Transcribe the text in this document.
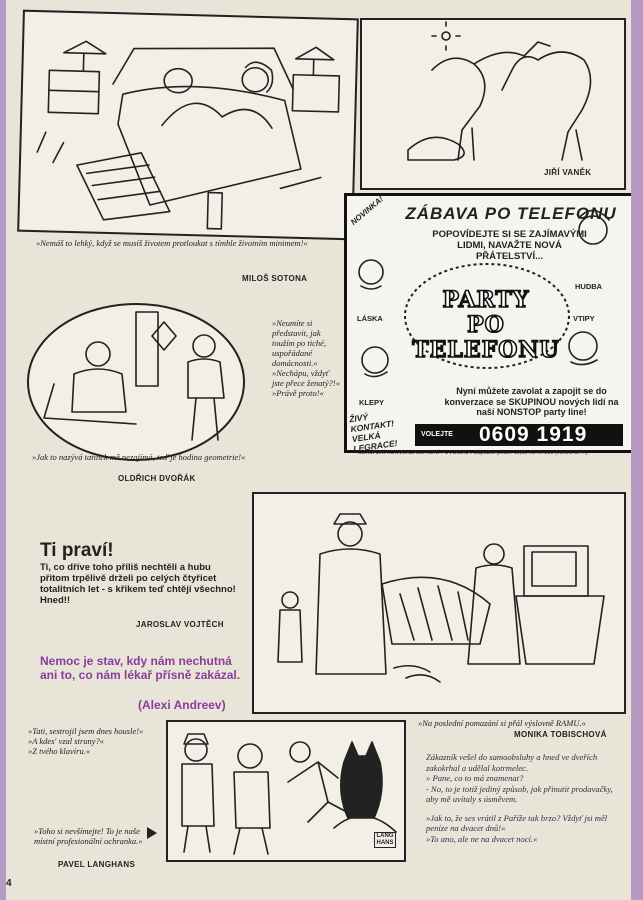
»Nemáš to lehký, když se musíš životem protloukat s tímhle životním minimem!«
MILOŠ SOTONA
JIŘÍ VANĚK
»Neumíte si představit, jak toužím po tiché, uspořádané domácnosti.«
»Nechápu, vždyť jste přece ženatý?!«
»Právě proto!«
»Jak to nazývá tatínek mě nezajímá, teď je hodina geometrie!«
OLDŘICH DVOŘÁK
NOVINKA! ZÁBAVA PO TELEFONU
POPOVÍDEJTE SI SE ZAJÍMAVÝMI LIDMI, NAVAŽTE NOVÁ PŘÁTELSTVÍ...
PARTY
PO TELEFONU
LÁSKA
HUDBA
VTIPY
KLEPY
Nyní můžete zavolat a zapojit se do konverzace se SKUPINOU nových lidí na naší NONSTOP party line!
ŽIVÝ KONTAKT! VELKÁ LEGRACE!
VOLEJTE 0609 1919
SEXUÁLNÍ KONVERZACE NENÍ POVOLENA! Zaplatíte pouze 10,50 Kč /m 30s (včetně DPH)
Ti praví!
Ti, co dříve toho příliš nechtěli a hubu přitom trpělivě drželi po celých čtyřicet totalitních let - s křikem teď chtějí všechno! Hned!!
JAROSLAV VOJTĚCH
Nemoc je stav, kdy nám nechutná ani to, co nám lékař přísně zakázal.
(Alexi Andreev)
»Na poslední pomazání si přál výslovně RAMU.«
MONIKA TOBISCHOVÁ
»Tati, sestrojil jsem dnes housle!«
»A kdes' vzal struny?«
»Z tvého klavíru.«
LANG HANS
»Toho si nevšímejte! To je naše místní profesionální ochranka.«
PAVEL LANGHANS
Zákazník vešel do samoobsluhy a hned ve dveřích zakokrhal a udělal kotrmelec.
» Pane, co to má znamenat?
- No, to je totiž jediný způsob, jak přinutit prodavačky, aby mě uvítaly s úsměvem.
»Jak to, že ses vrátil z Paříže tak brzo? Vždyť jsi měl peníze na dvacet dnů!«
»To ano, ale ne na dvacet nocí.«
4
